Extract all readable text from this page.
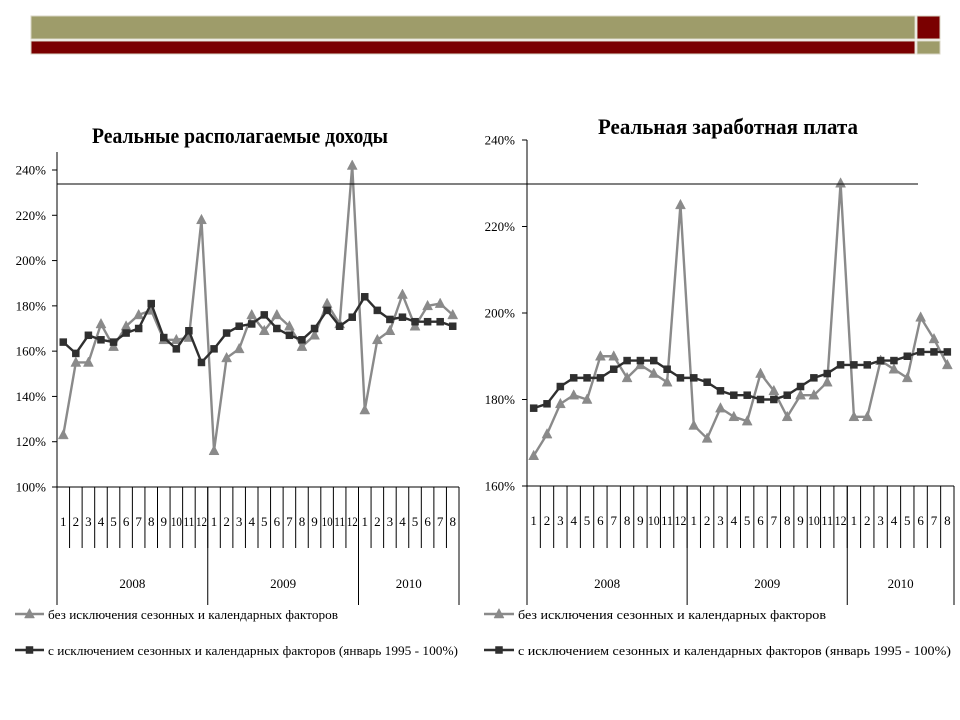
Реальные располагаемые доходы
100%
120%
140%
160%
180%
200%
220%
240%
1 2 3 4 5 6 7 8 9 10 11 12 1 2 3 4 5 6 7 8 9 10 11 12 1 2 3 4 5 6 7 8
2008	2009	2010
без исключения сезонных и календарных факторов
с исключением сезонных и календарных факторов (январь 1995 - 100%)
Реальная заработная плата
160%
180%
200%
220%
240%
1 2 3 4 5 6 7 8 9 10 11 12 1 2 3 4 5 6 7 8 9 10 11 12 1 2 3 4 5 6 7 8
2008	2009	2010
без исключения сезонных и календарных факторов
с исключением сезонных и календарных факторов (январь 1995 - 100%)
